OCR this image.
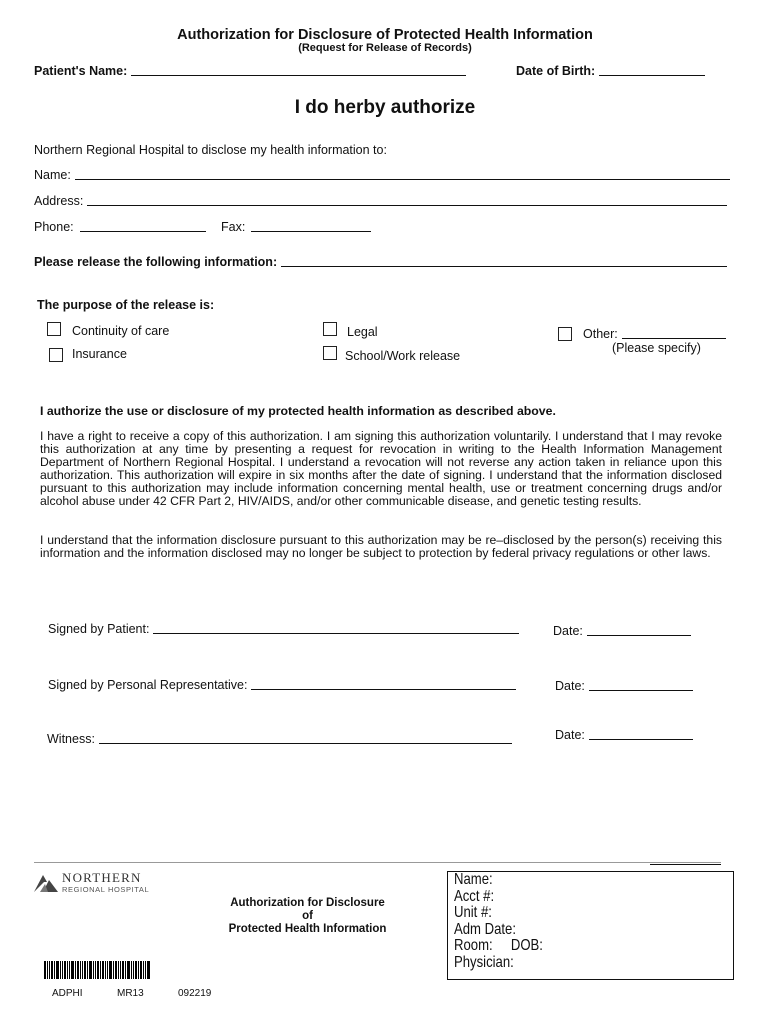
Authorization for Disclosure of Protected Health Information
(Request for Release of Records)
Patient's Name:	Date of Birth:
I do herby authorize
Northern Regional Hospital to disclose my health information to:
Name:
Address:
Phone:	Fax:
Please release the following information:
The purpose of the release is:
Continuity of care
Insurance
Legal
School/Work release
Other:
(Please specify)
I authorize the use or disclosure of my protected health information as described above.
I have a right to receive a copy of this authorization. I am signing this authorization voluntarily. I understand that I may revoke this authorization at any time by presenting a request for revocation in writing to the Health Information Management Department of Northern Regional Hospital. I understand a revocation will not reverse any action taken in reliance upon this authorization. This authorization will expire in six months after the date of signing. I understand that the information disclosed pursuant to this authorization may include information concerning mental health, use or treatment concerning drugs and/or alcohol abuse under 42 CFR Part 2, HIV/AIDS, and/or other communicable disease, and genetic testing results.
I understand that the information disclosure pursuant to this authorization may be re–disclosed by the person(s) receiving this information and the information disclosed may no longer be subject to protection by federal privacy regulations or other laws.
Signed by Patient:	Date:
Signed by Personal Representative:	Date:
Witness:	Date:
NORTHERN
REGIONAL HOSPITAL
Authorization for Disclosure
of
Protected Health Information
Name:
Acct #:
Unit #:
Adm Date:
Room:     DOB:
Physician:
ADPHI	MR13	092219
